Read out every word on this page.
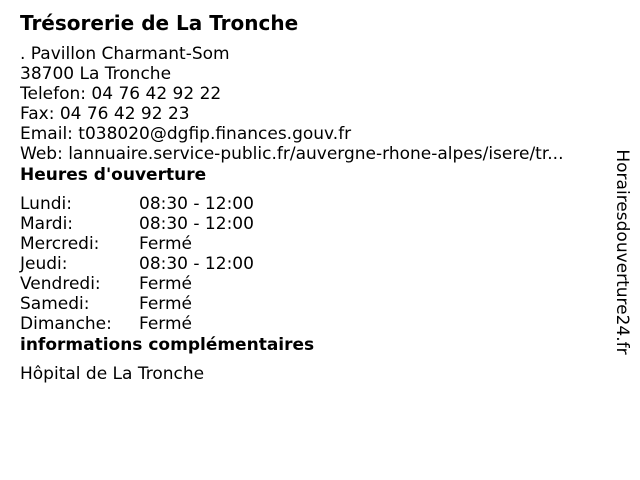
Trésorerie de La Tronche
. Pavillon Charmant-Som
38700 La Tronche
Telefon: 04 76 42 92 22
Fax: 04 76 42 92 23
Email: t038020@dgfip.finances.gouv.fr
Web: lannuaire.service-public.fr/auvergne-rhone-alpes/isere/tr...
Heures d'ouverture
Lundi:	08:30 - 12:00
Mardi:	08:30 - 12:00
Mercredi:	Fermé
Jeudi:	08:30 - 12:00
Vendredi:	Fermé
Samedi:	Fermé
Dimanche:	Fermé
informations complémentaires
Hôpital de La Tronche
Horairesdouverture24.fr
